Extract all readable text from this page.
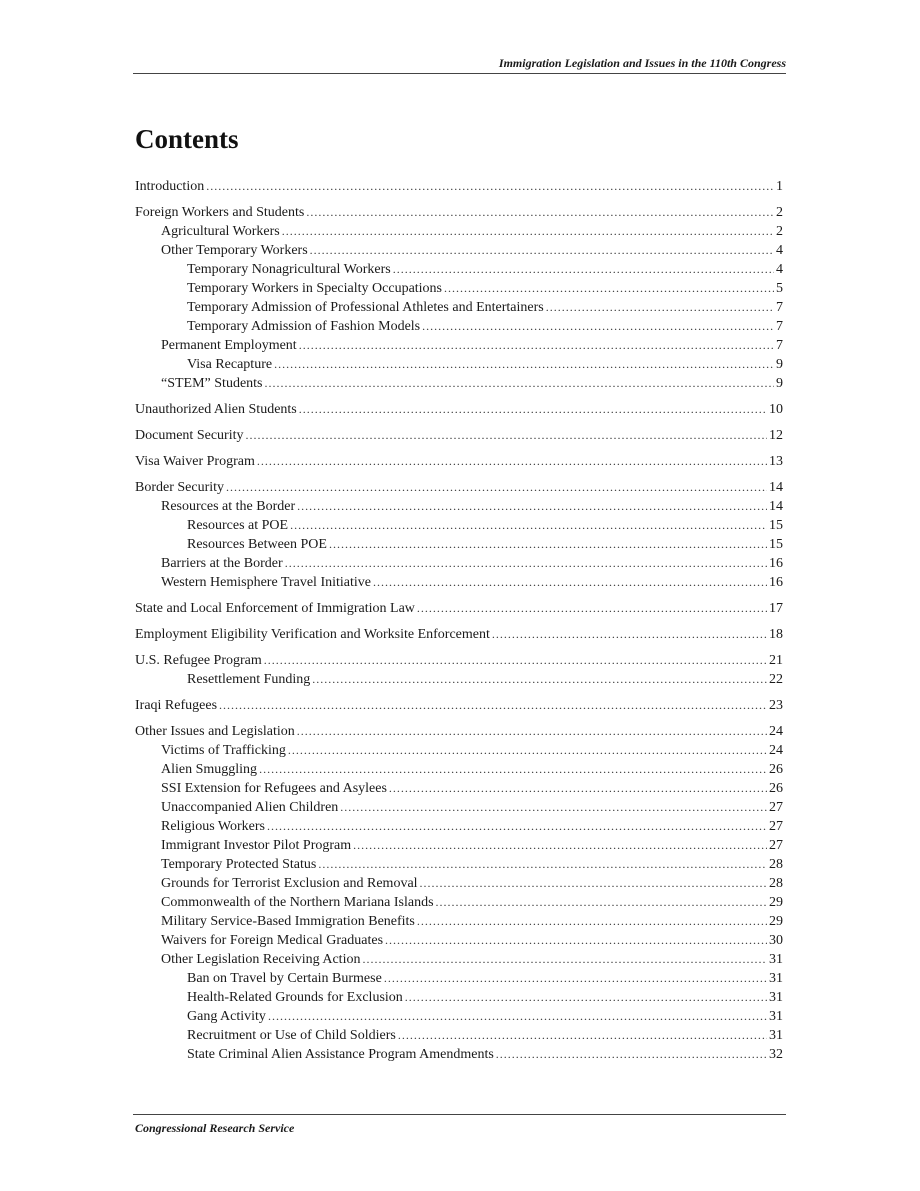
Immigration Legislation and Issues in the 110th Congress
Contents
Introduction .....	1
Foreign Workers and Students .....	2
Agricultural Workers .....	2
Other Temporary Workers .....	4
Temporary Nonagricultural Workers .....	4
Temporary Workers in Specialty Occupations .....	5
Temporary Admission of Professional Athletes and Entertainers .....	7
Temporary Admission of Fashion Models .....	7
Permanent Employment .....	7
Visa Recapture .....	9
“STEM” Students .....	9
Unauthorized Alien Students .....	10
Document Security .....	12
Visa Waiver Program .....	13
Border Security .....	14
Resources at the Border .....	14
Resources at POE .....	15
Resources Between POE .....	15
Barriers at the Border .....	16
Western Hemisphere Travel Initiative .....	16
State and Local Enforcement of Immigration Law .....	17
Employment Eligibility Verification and Worksite Enforcement .....	18
U.S. Refugee Program .....	21
Resettlement Funding .....	22
Iraqi Refugees .....	23
Other Issues and Legislation .....	24
Victims of Trafficking .....	24
Alien Smuggling .....	26
SSI Extension for Refugees and Asylees .....	26
Unaccompanied Alien Children .....	27
Religious Workers .....	27
Immigrant Investor Pilot Program .....	27
Temporary Protected Status .....	28
Grounds for Terrorist Exclusion and Removal .....	28
Commonwealth of the Northern Mariana Islands .....	29
Military Service-Based Immigration Benefits .....	29
Waivers for Foreign Medical Graduates .....	30
Other Legislation Receiving Action .....	31
Ban on Travel by Certain Burmese .....	31
Health-Related Grounds for Exclusion .....	31
Gang Activity .....	31
Recruitment or Use of Child Soldiers .....	31
State Criminal Alien Assistance Program Amendments .....	32
Congressional Research Service
